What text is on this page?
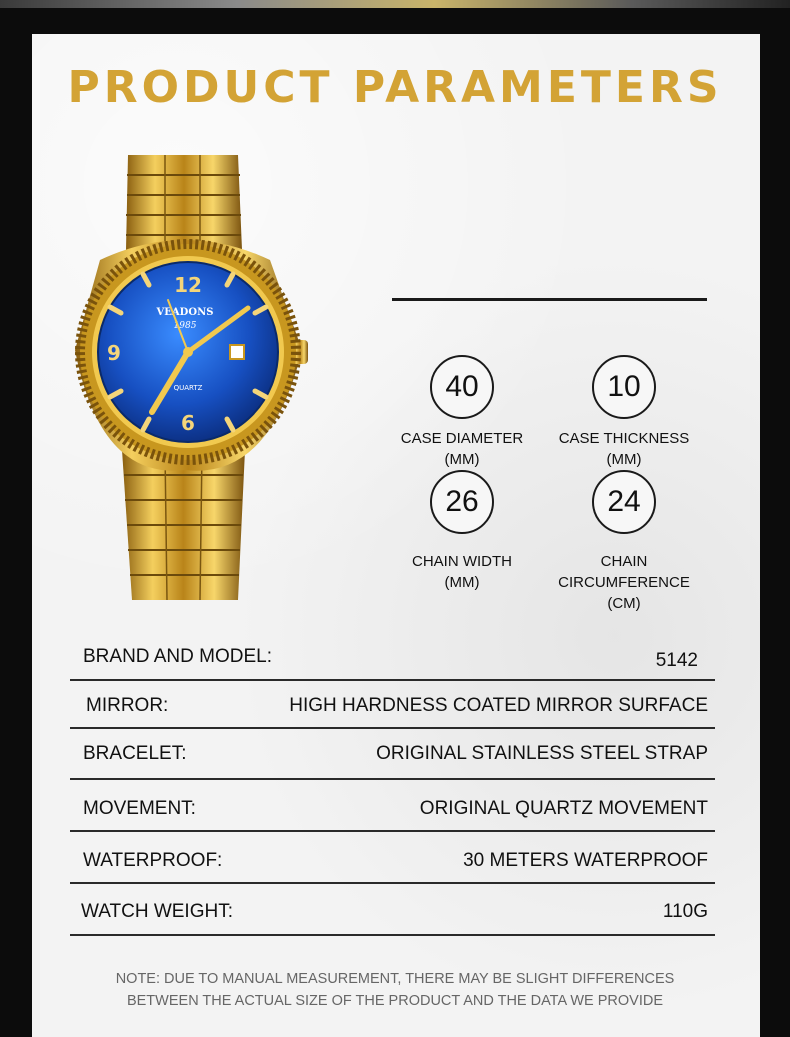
PRODUCT PARAMETERS
12
9
6
VEADONS
1985
QUARTZ	40
CASE DIAMETER
(MM)
10
CASE THICKNESS
(MM)
26
CHAIN WIDTH
(MM)
24
CHAIN CIRCUMFERENCE
(CM)
BRAND AND MODEL:	5142
MIRROR:	HIGH HARDNESS COATED MIRROR SURFACE
BRACELET:	ORIGINAL STAINLESS STEEL STRAP
MOVEMENT:	ORIGINAL QUARTZ MOVEMENT
WATERPROOF:	30 METERS WATERPROOF
WATCH WEIGHT:	110G
NOTE: DUE TO MANUAL MEASUREMENT, THERE MAY BE SLIGHT DIFFERENCES
BETWEEN THE ACTUAL SIZE OF THE PRODUCT AND THE DATA WE PROVIDE
